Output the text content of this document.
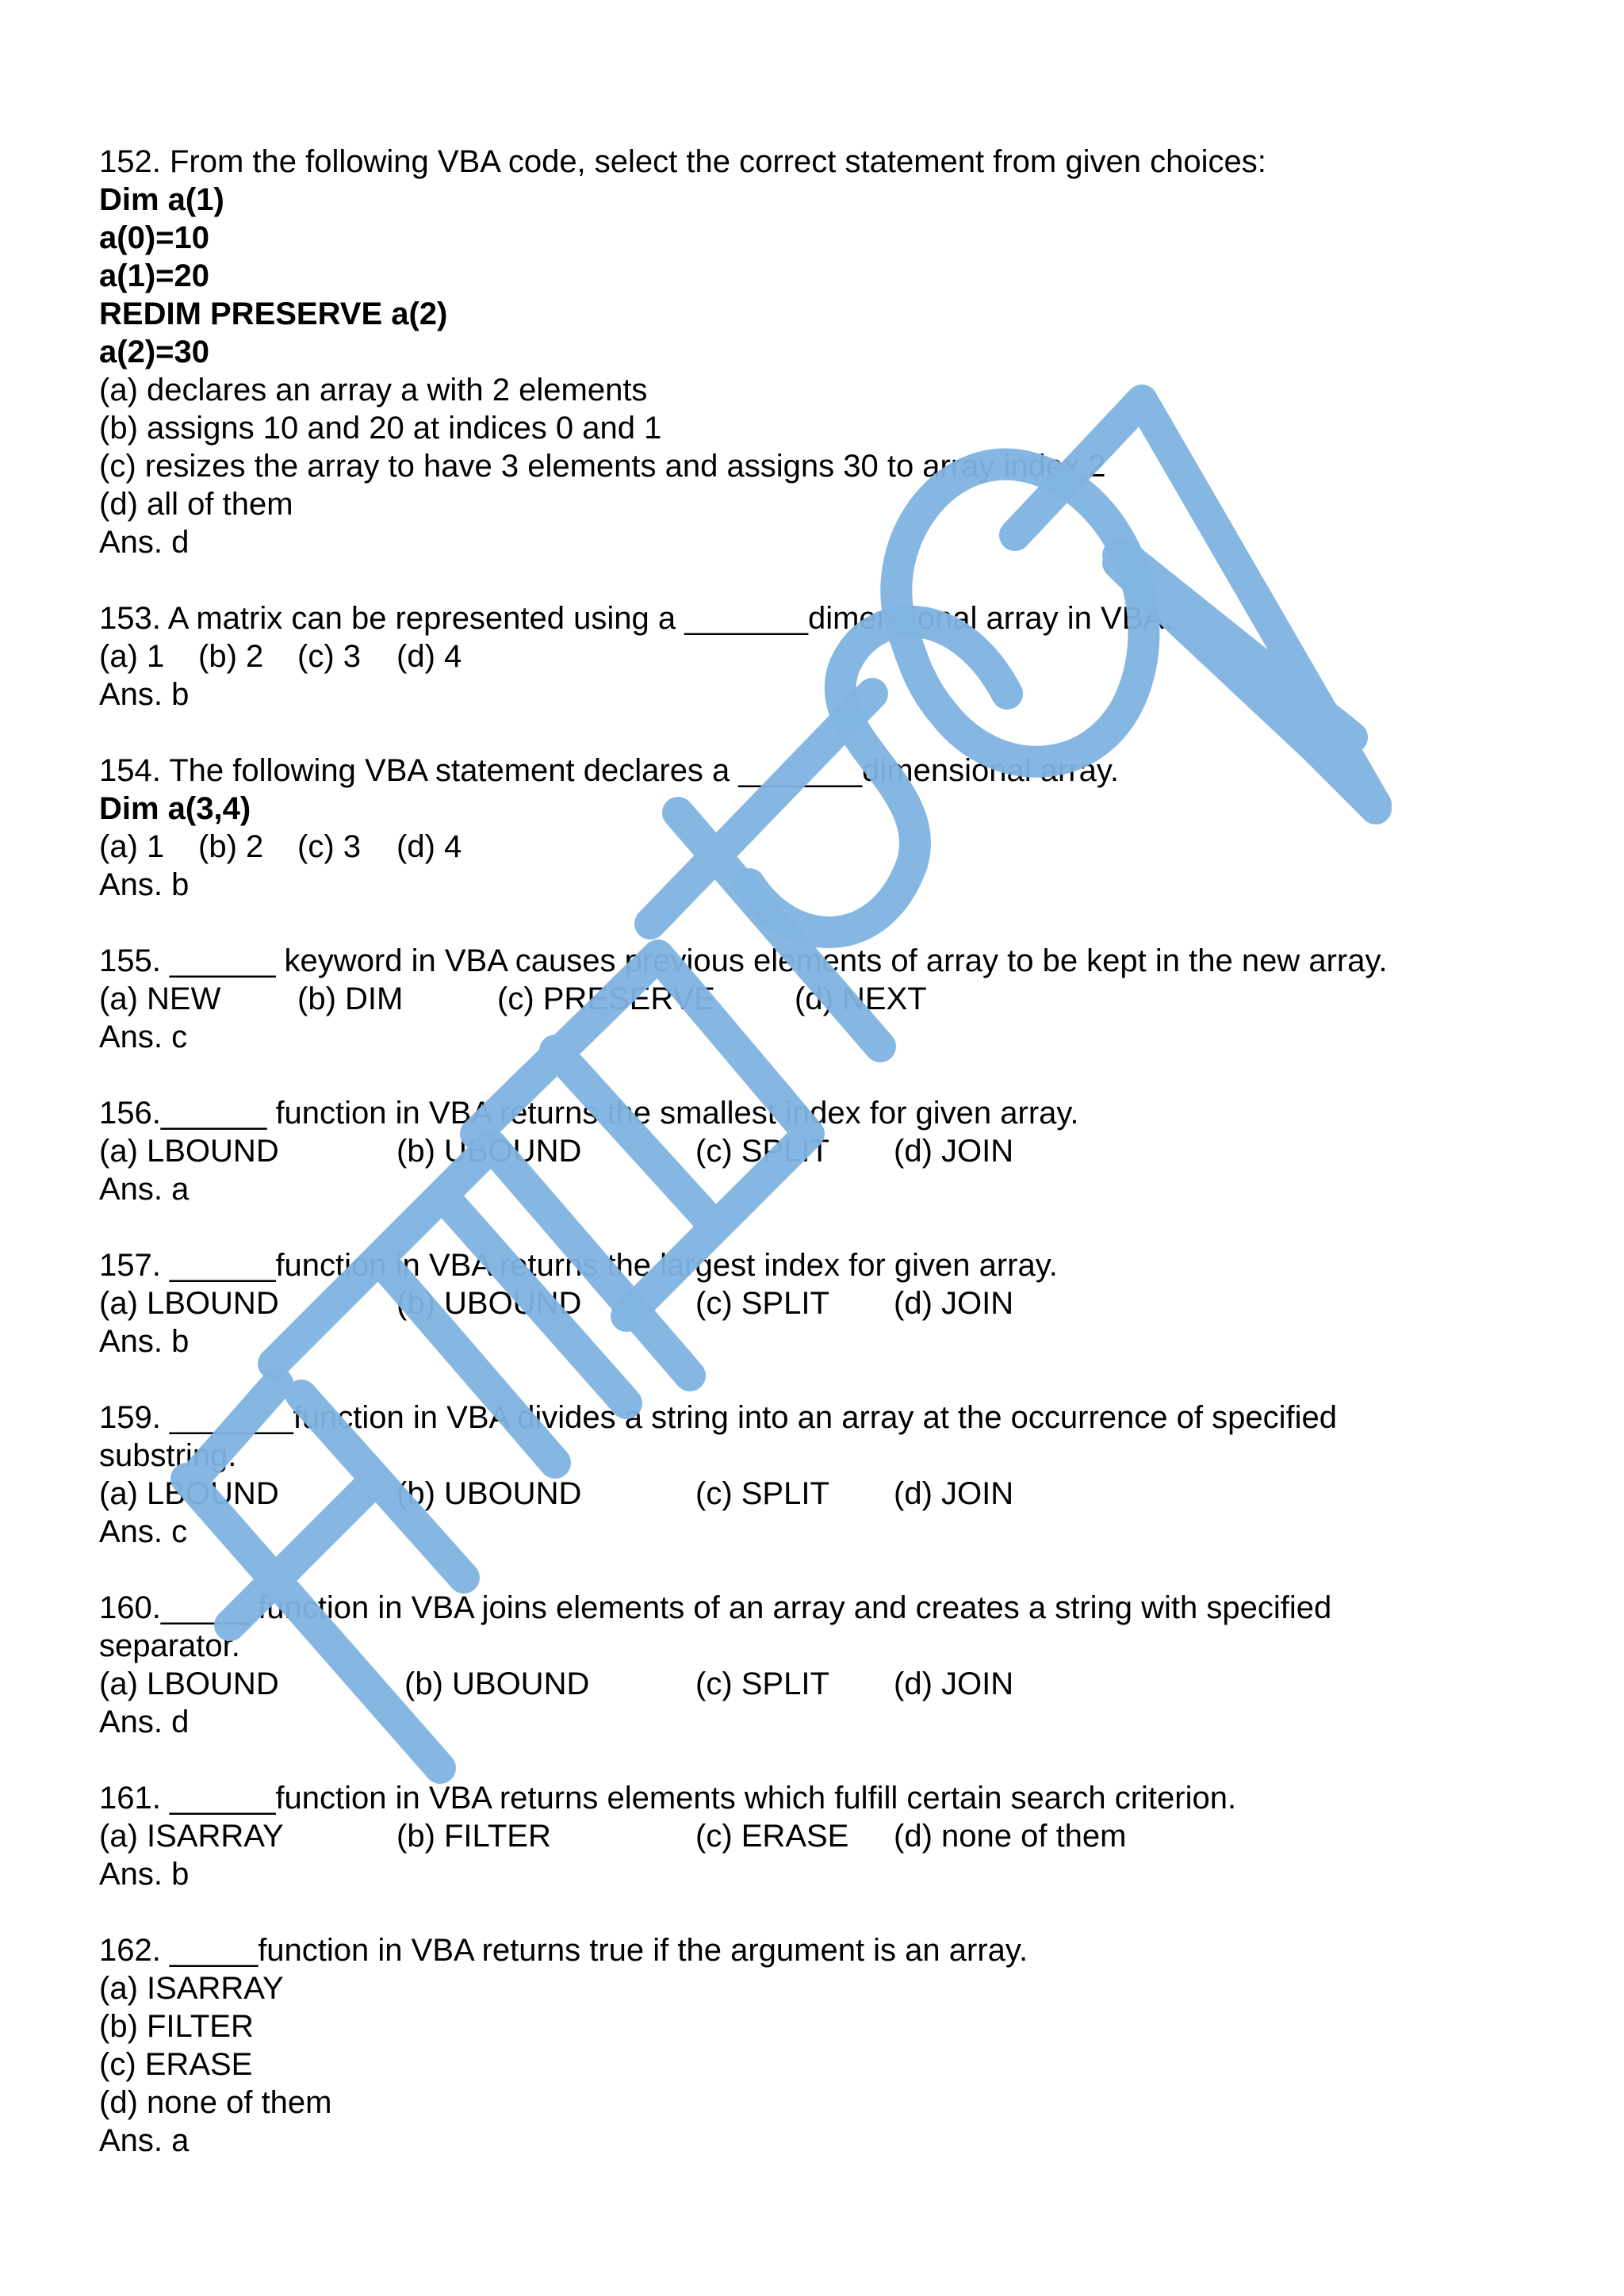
152. From the following VBA code, select the correct statement from given choices:
Dim a(1)
a(0)=10
a(1)=20
REDIM PRESERVE a(2)
a(2)=30
(a) declares an array a with 2 elements
(b) assigns 10 and 20 at indices 0 and 1
(c) resizes the array to have 3 elements and assigns 30 to array index 2
(d) all of them
Ans. d
153. A matrix can be represented using a _______dimensional array in VBA.

(a) 1

(b) 2

(c) 3

(d) 4

Ans. b
154. The following VBA statement declares a _______dimensional array.
Dim a(3,4)

(a) 1

(b) 2

(c) 3

(d) 4

Ans. b
155. ______ keyword in VBA causes previous elements of array to be kept in the new array.

(a) NEW

(b) DIM

	(c) PRESERVE

	(d) NEXT

Ans. c
156.______ function in VBA returns the smallest index for given array.

(a) LBOUND

	(b) UBOUND

	(c) SPLIT

(d) JOIN

Ans. a
157. ______function in VBA returns the largest index for given array.

(a) LBOUND

	(b) UBOUND

	(c) SPLIT

(d) JOIN

Ans. b
159. _______function in VBA divides a string into an array at the occurrence of specified
substring.

(a) LBOUND

	(b) UBOUND

	(c) SPLIT

(d) JOIN

Ans. c
160._____ function in VBA joins elements of an array and creates a string with specified
separator.

(a) LBOUND

	(b) UBOUND

	(c) SPLIT

(d) JOIN

Ans. d
161. ______function in VBA returns elements which fulfill certain search criterion.

(a) ISARRAY

	(b) FILTER

	(c) ERASE

(d) none of them

Ans. b
162. _____function in VBA returns true if the argument is an array.
(a) ISARRAY
(b) FILTER
(c) ERASE
(d) none of them
Ans. a
